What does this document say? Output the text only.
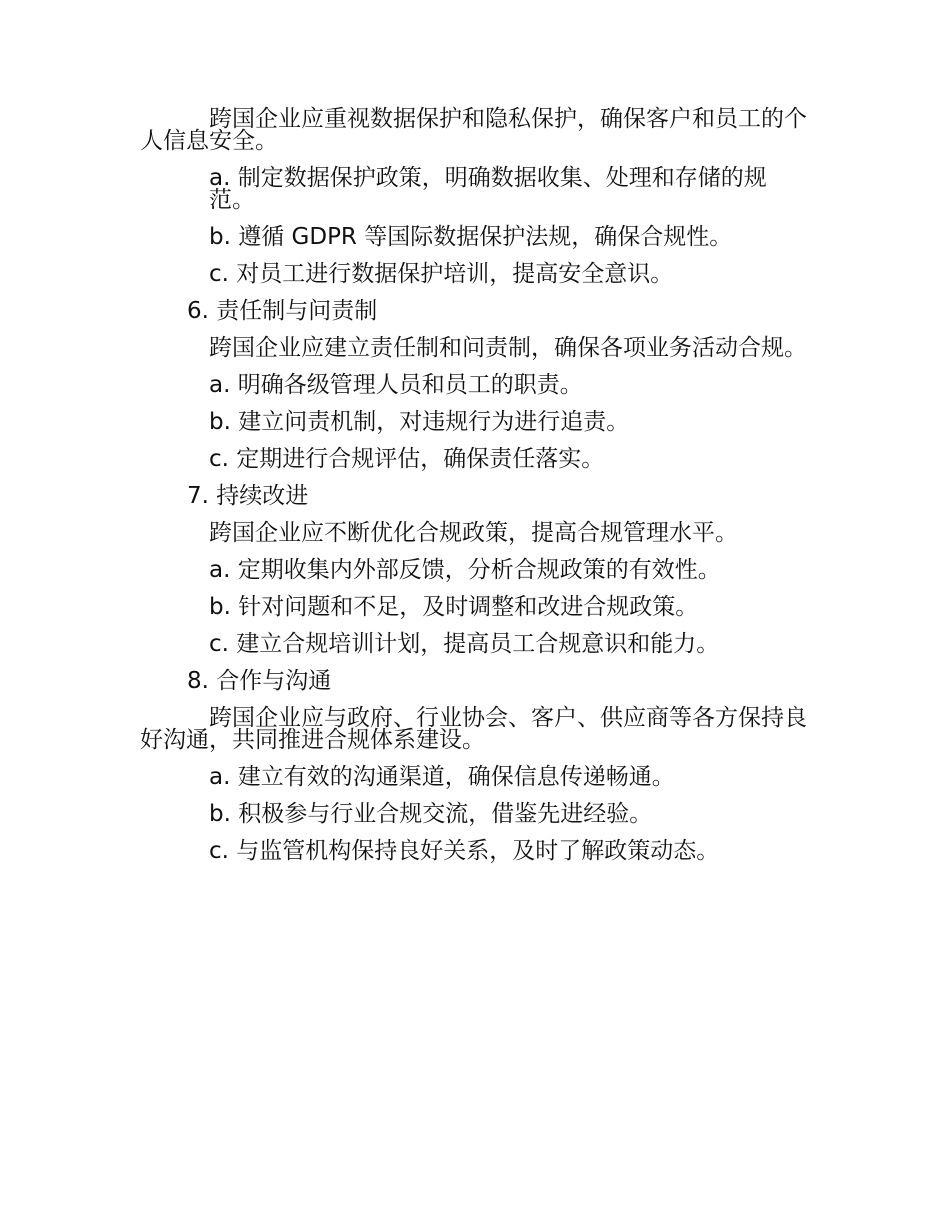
跨国企业应重视数据保护和隐私保护，确保客户和员工的个人信息安全。

a. 制定数据保护政策，明确数据收集、处理和存储的规范。

b. 遵循 GDPR 等国际数据保护法规，确保合规性。

c. 对员工进行数据保护培训，提高安全意识。

6. 责任制与问责制

跨国企业应建立责任制和问责制，确保各项业务活动合规。

a. 明确各级管理人员和员工的职责。

b. 建立问责机制，对违规行为进行追责。

c. 定期进行合规评估，确保责任落实。

7. 持续改进

跨国企业应不断优化合规政策，提高合规管理水平。

a. 定期收集内外部反馈，分析合规政策的有效性。

b. 针对问题和不足，及时调整和改进合规政策。

c. 建立合规培训计划，提高员工合规意识和能力。

8. 合作与沟通

跨国企业应与政府、行业协会、客户、供应商等各方保持良好沟通，共同推进合规体系建设。

a. 建立有效的沟通渠道，确保信息传递畅通。

b. 积极参与行业合规交流，借鉴先进经验。

c. 与监管机构保持良好关系，及时了解政策动态。
